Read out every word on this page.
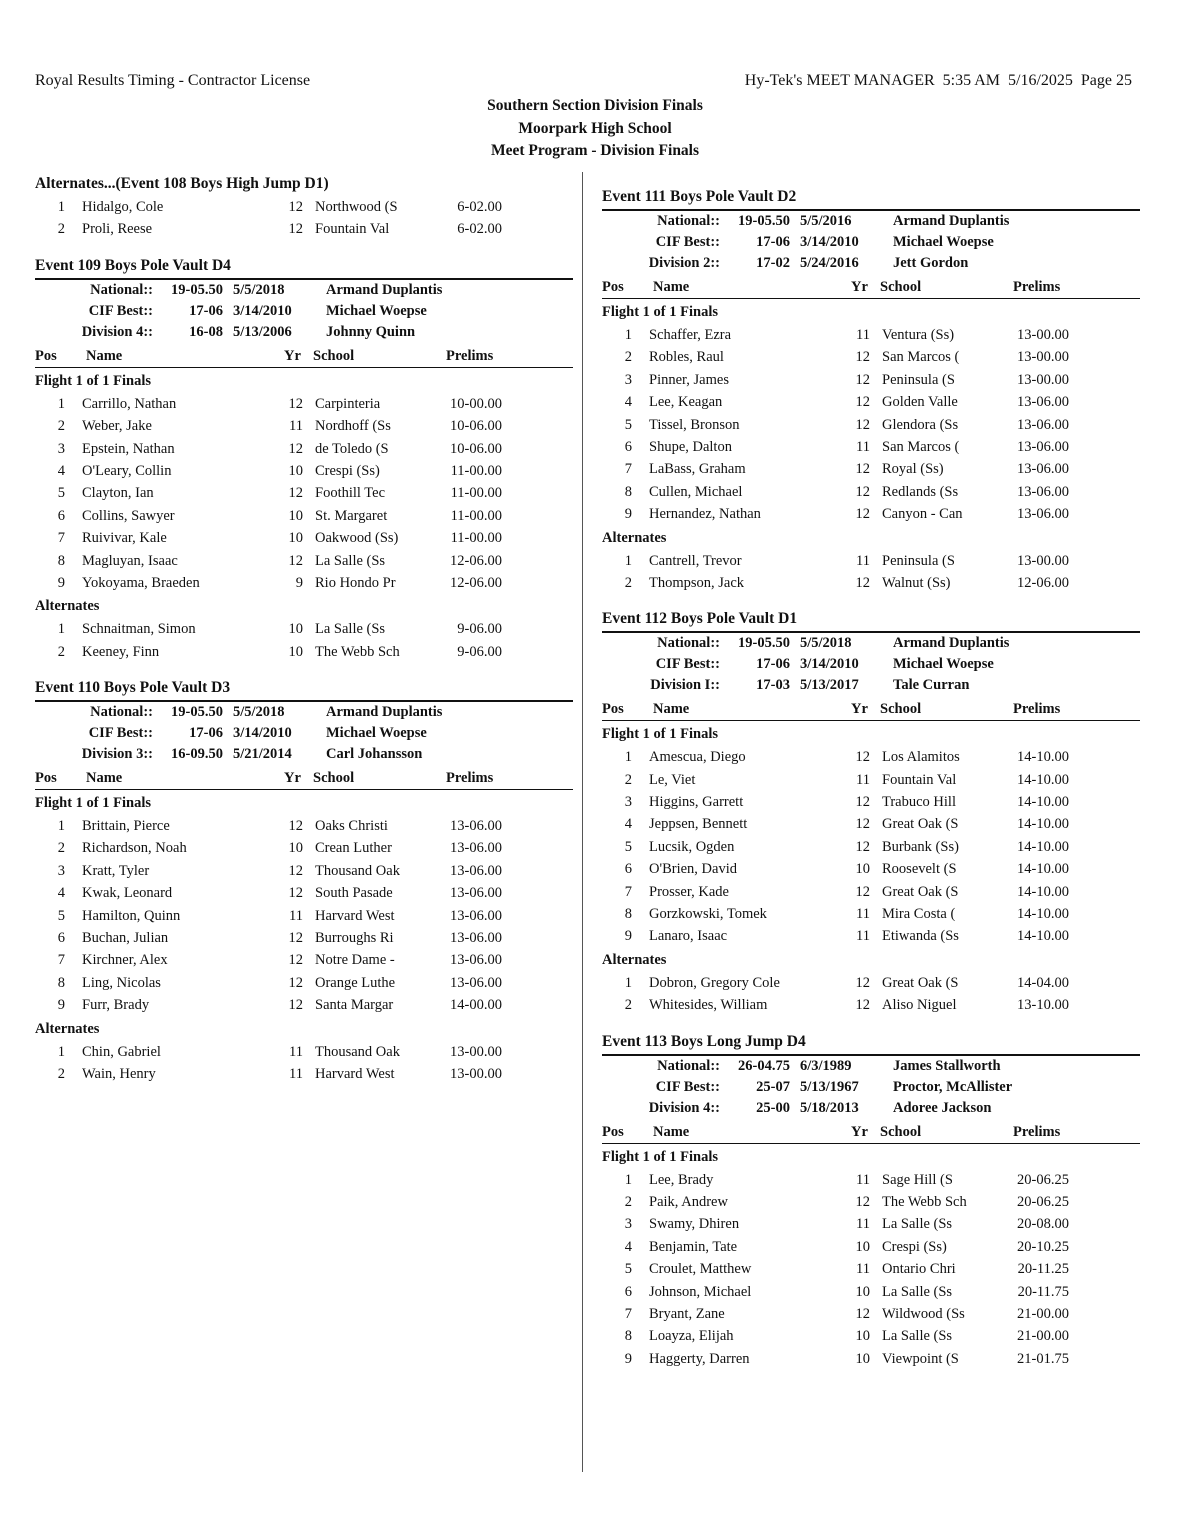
Royal Results Timing - Contractor License	Hy-Tek's MEET MANAGER  5:35 AM  5/16/2025  Page 25
Southern Section Division Finals
Moorpark High School
Meet Program - Division Finals
Alternates...(Event 108 Boys High Jump D1)
1 Hidalgo, Cole	12 Northwood (S	6-02.00
2 Proli, Reese	12 Fountain Val	6-02.00
Event 109 Boys Pole Vault D4
National:: 19-05.50 5/5/2018	Armand Duplantis
CIF Best:: 17-06 3/14/2010 Michael Woepse
Division 4:: 16-08 5/13/2006 Johnny Quinn
Pos Name	Yr School	Prelims
Flight 1 of 1 Finals
1 Carrillo, Nathan	12 Carpinteria	10-00.00
2 Weber, Jake	11 Nordhoff (Ss	10-06.00
3 Epstein, Nathan	12 de Toledo (S	10-06.00
4 O'Leary, Collin	10 Crespi (Ss)	11-00.00
5 Clayton, Ian	12 Foothill Tec	11-00.00
6 Collins, Sawyer	10 St. Margaret	11-00.00
7 Ruivivar, Kale	10 Oakwood (Ss)	11-00.00
8 Magluyan, Isaac	12 La Salle (Ss	12-06.00
9 Yokoyama, Braeden	9 Rio Hondo Pr	12-06.00
Alternates
1 Schnaitman, Simon	10 La Salle (Ss	9-06.00
2 Keeney, Finn	10 The Webb Sch	9-06.00
Event 110 Boys Pole Vault D3
National:: 19-05.50 5/5/2018	Armand Duplantis
CIF Best:: 17-06 3/14/2010 Michael Woepse
Division 3:: 16-09.50 5/21/2014 Carl Johansson
Pos Name	Yr School	Prelims
Flight 1 of 1 Finals
1 Brittain, Pierce	12 Oaks Christi	13-06.00
2 Richardson, Noah	10 Crean Luther	13-06.00
3 Kratt, Tyler	12 Thousand Oak	13-06.00
4 Kwak, Leonard	12 South Pasade	13-06.00
5 Hamilton, Quinn	11 Harvard West	13-06.00
6 Buchan, Julian	12 Burroughs Ri	13-06.00
7 Kirchner, Alex	12 Notre Dame -	13-06.00
8 Ling, Nicolas	12 Orange Luthe	13-06.00
9 Furr, Brady	12 Santa Margar	14-00.00
Alternates
1 Chin, Gabriel	11 Thousand Oak	13-00.00
2 Wain, Henry	11 Harvard West	13-00.00
Event 111 Boys Pole Vault D2
National:: 19-05.50 5/5/2016	Armand Duplantis
CIF Best:: 17-06 3/14/2010 Michael Woepse
Division 2:: 17-02 5/24/2016 Jett Gordon
Pos Name	Yr School	Prelims
Flight 1 of 1 Finals
1 Schaffer, Ezra	11 Ventura (Ss)	13-00.00
2 Robles, Raul	12 San Marcos (	13-00.00
3 Pinner, James	12 Peninsula (S	13-00.00
4 Lee, Keagan	12 Golden Valle	13-06.00
5 Tissel, Bronson	12 Glendora (Ss	13-06.00
6 Shupe, Dalton	11 San Marcos (	13-06.00
7 LaBass, Graham	12 Royal (Ss)	13-06.00
8 Cullen, Michael	12 Redlands (Ss	13-06.00
9 Hernandez, Nathan	12 Canyon - Can	13-06.00
Alternates
1 Cantrell, Trevor	11 Peninsula (S	13-00.00
2 Thompson, Jack	12 Walnut (Ss)	12-06.00
Event 112 Boys Pole Vault D1
National:: 19-05.50 5/5/2018	Armand Duplantis
CIF Best:: 17-06 3/14/2010 Michael Woepse
Division I:: 17-03 5/13/2017 Tale Curran
Pos Name	Yr School	Prelims
Flight 1 of 1 Finals
1 Amescua, Diego	12 Los Alamitos	14-10.00
2 Le, Viet	11 Fountain Val	14-10.00
3 Higgins, Garrett	12 Trabuco Hill	14-10.00
4 Jeppsen, Bennett	12 Great Oak (S	14-10.00
5 Lucsik, Ogden	12 Burbank (Ss)	14-10.00
6 O'Brien, David	10 Roosevelt (S	14-10.00
7 Prosser, Kade	12 Great Oak (S	14-10.00
8 Gorzkowski, Tomek	11 Mira Costa (	14-10.00
9 Lanaro, Isaac	11 Etiwanda (Ss	14-10.00
Alternates
1 Dobron, Gregory Cole	12 Great Oak (S	14-04.00
2 Whitesides, William	12 Aliso Niguel	13-10.00
Event 113 Boys Long Jump D4
National:: 26-04.75 6/3/1989	James Stallworth
CIF Best:: 25-07 5/13/1967 Proctor, McAllister
Division 4:: 25-00 5/18/2013 Adoree Jackson
Pos Name	Yr School	Prelims
Flight 1 of 1 Finals
1 Lee, Brady	11 Sage Hill (S	20-06.25
2 Paik, Andrew	12 The Webb Sch	20-06.25
3 Swamy, Dhiren	11 La Salle (Ss	20-08.00
4 Benjamin, Tate	10 Crespi (Ss)	20-10.25
5 Croulet, Matthew	11 Ontario Chri	20-11.25
6 Johnson, Michael	10 La Salle (Ss	20-11.75
7 Bryant, Zane	12 Wildwood (Ss	21-00.00
8 Loayza, Elijah	10 La Salle (Ss	21-00.00
9 Haggerty, Darren	10 Viewpoint (S	21-01.75
